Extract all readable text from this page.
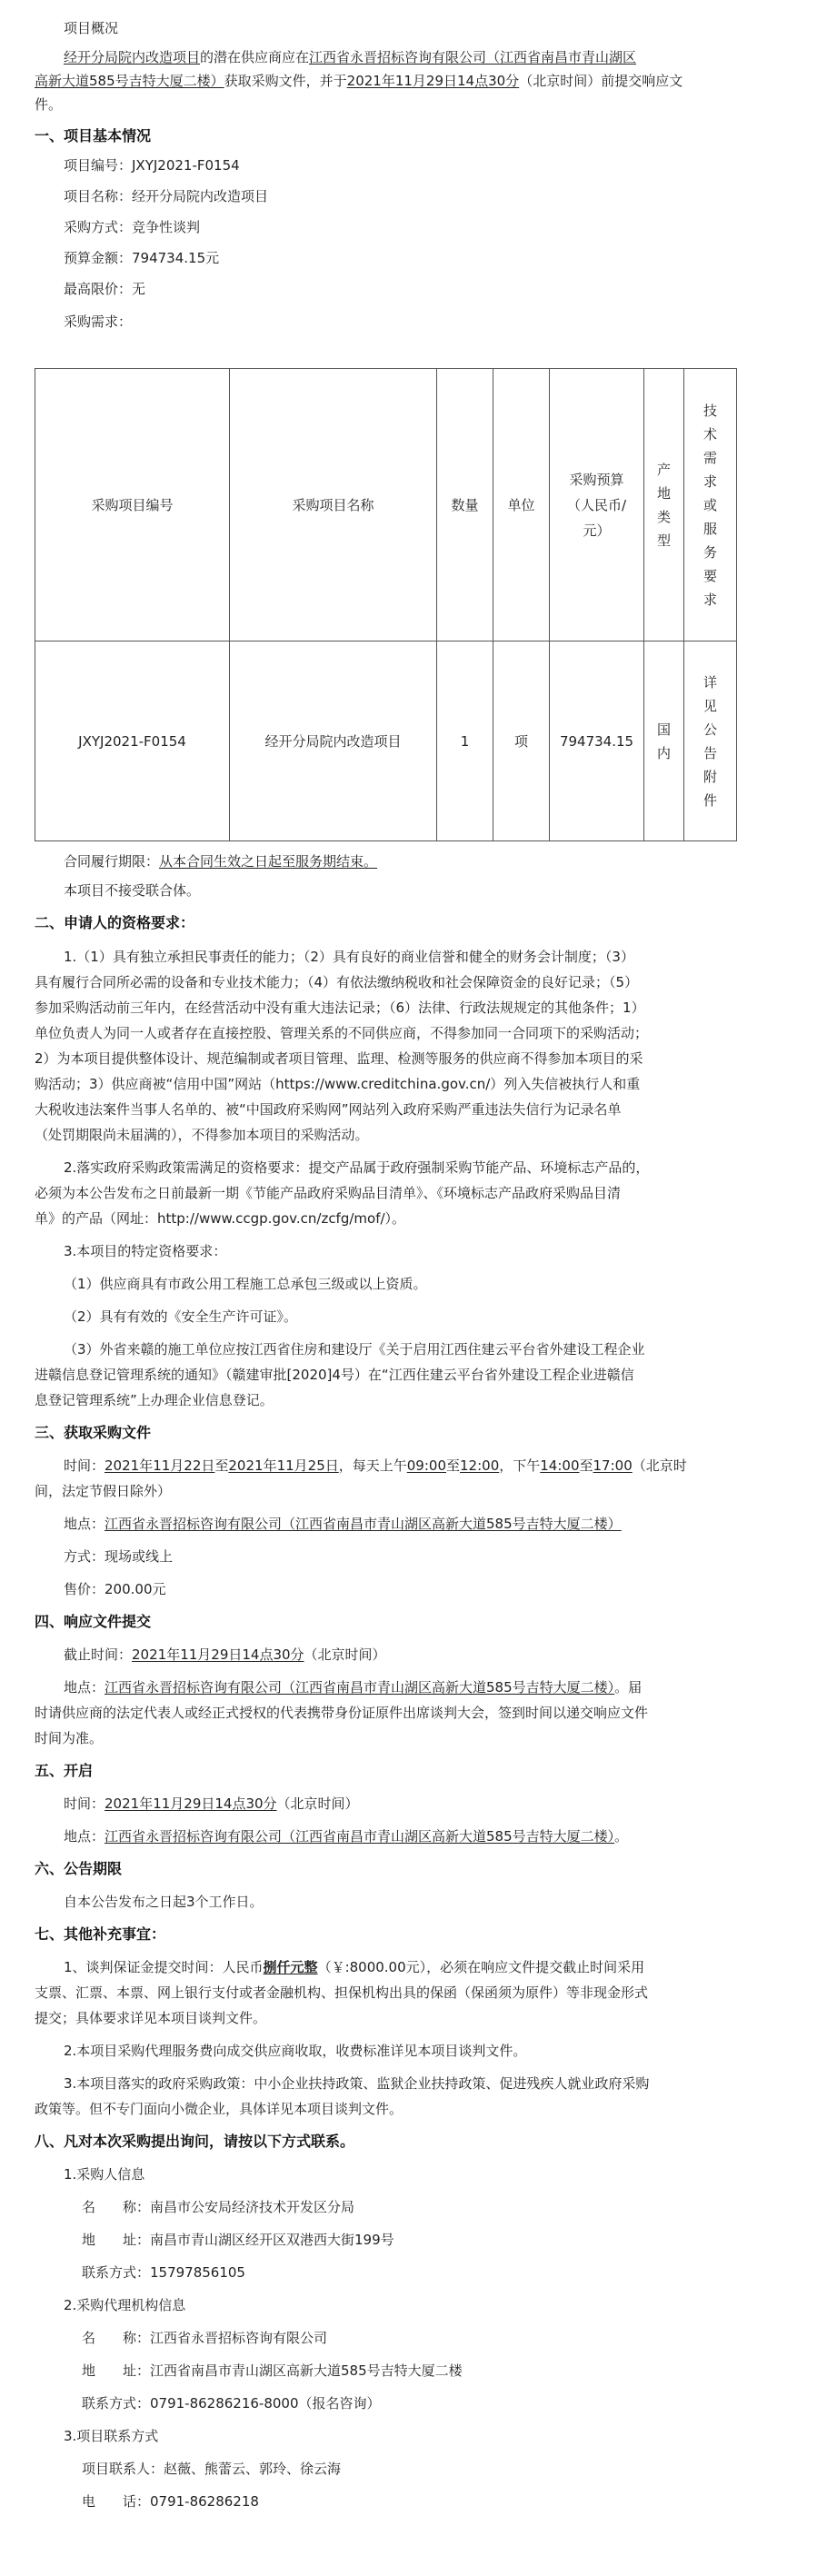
项目概况
经开分局院内改造项目的潜在供应商应在江西省永晋招标咨询有限公司（江西省南昌市青山湖区
高新大道585号吉特大厦二楼）获取采购文件，并于2021年11月29日14点30分（北京时间）前提交响应文
件。
一、项目基本情况
项目编号：JXYJ2021-F0154
项目名称：经开分局院内改造项目
采购方式：竞争性谈判
预算金额：794734.15元
最高限价：无
采购需求：
采购项目编号	采购项目名称	数量	单位	采购预算（人民币/元）	产地类型	技术需求或服务要求

JXYJ2021-F0154	经开分局院内改造项目	1	项	794734.15	国内	详见公告附件
合同履行期限：从本合同生效之日起至服务期结束。
本项目不接受联合体。
二、申请人的资格要求：
1.（1）具有独立承担民事责任的能力；（2）具有良好的商业信誉和健全的财务会计制度；（3）
具有履行合同所必需的设备和专业技术能力；（4）有依法缴纳税收和社会保障资金的良好记录；（5）
参加采购活动前三年内，在经营活动中没有重大违法记录；（6）法律、行政法规规定的其他条件；1）
单位负责人为同一人或者存在直接控股、管理关系的不同供应商，不得参加同一合同项下的采购活动；
2）为本项目提供整体设计、规范编制或者项目管理、监理、检测等服务的供应商不得参加本项目的采
购活动；3）供应商被“信用中国”网站（https://www.creditchina.gov.cn/）列入失信被执行人和重
大税收违法案件当事人名单的、被“中国政府采购网”网站列入政府采购严重违法失信行为记录名单
（处罚期限尚未届满的），不得参加本项目的采购活动。
2.落实政府采购政策需满足的资格要求：提交产品属于政府强制采购节能产品、环境标志产品的，
必须为本公告发布之日前最新一期《节能产品政府采购品目清单》、《环境标志产品政府采购品目清
单》的产品（网址：http://www.ccgp.gov.cn/zcfg/mof/）。
3.本项目的特定资格要求：
（1）供应商具有市政公用工程施工总承包三级或以上资质。
（2）具有有效的《安全生产许可证》。
（3）外省来赣的施工单位应按江西省住房和建设厅《关于启用江西住建云平台省外建设工程企业
进赣信息登记管理系统的通知》（赣建审批[2020]4号）在“江西住建云平台省外建设工程企业进赣信
息登记管理系统”上办理企业信息登记。
三、获取采购文件
时间：2021年11月22日至2021年11月25日，每天上午09:00至12:00，下午14:00至17:00（北京时
间，法定节假日除外）
地点：江西省永晋招标咨询有限公司（江西省南昌市青山湖区高新大道585号吉特大厦二楼）
方式：现场或线上
售价：200.00元
四、响应文件提交
截止时间：2021年11月29日14点30分（北京时间）
地点：江西省永晋招标咨询有限公司（江西省南昌市青山湖区高新大道585号吉特大厦二楼）。届
时请供应商的法定代表人或经正式授权的代表携带身份证原件出席谈判大会，签到时间以递交响应文件
时间为准。
五、开启
时间：2021年11月29日14点30分（北京时间）
地点：江西省永晋招标咨询有限公司（江西省南昌市青山湖区高新大道585号吉特大厦二楼）。
六、公告期限
自本公告发布之日起3个工作日。
七、其他补充事宜：
1、谈判保证金提交时间：人民币捌仟元整（￥:8000.00元），必须在响应文件提交截止时间采用
支票、汇票、本票、网上银行支付或者金融机构、担保机构出具的保函（保函须为原件）等非现金形式
提交；具体要求详见本项目谈判文件。
2.本项目采购代理服务费向成交供应商收取，收费标准详见本项目谈判文件。
3.本项目落实的政府采购政策：中小企业扶持政策、监狱企业扶持政策、促进残疾人就业政府采购
政策等。但不专门面向小微企业，具体详见本项目谈判文件。
八、凡对本次采购提出询问，请按以下方式联系。
1.采购人信息
名　　称：南昌市公安局经济技术开发区分局
地　　址：南昌市青山湖区经开区双港西大街199号
联系方式：15797856105
2.采购代理机构信息
名　　称：江西省永晋招标咨询有限公司
地　　址：江西省南昌市青山湖区高新大道585号吉特大厦二楼
联系方式：0791-86286216-8000（报名咨询）
3.项目联系方式
项目联系人：赵薇、熊蕾云、郭玲、徐云海
电　　话：0791-86286218
